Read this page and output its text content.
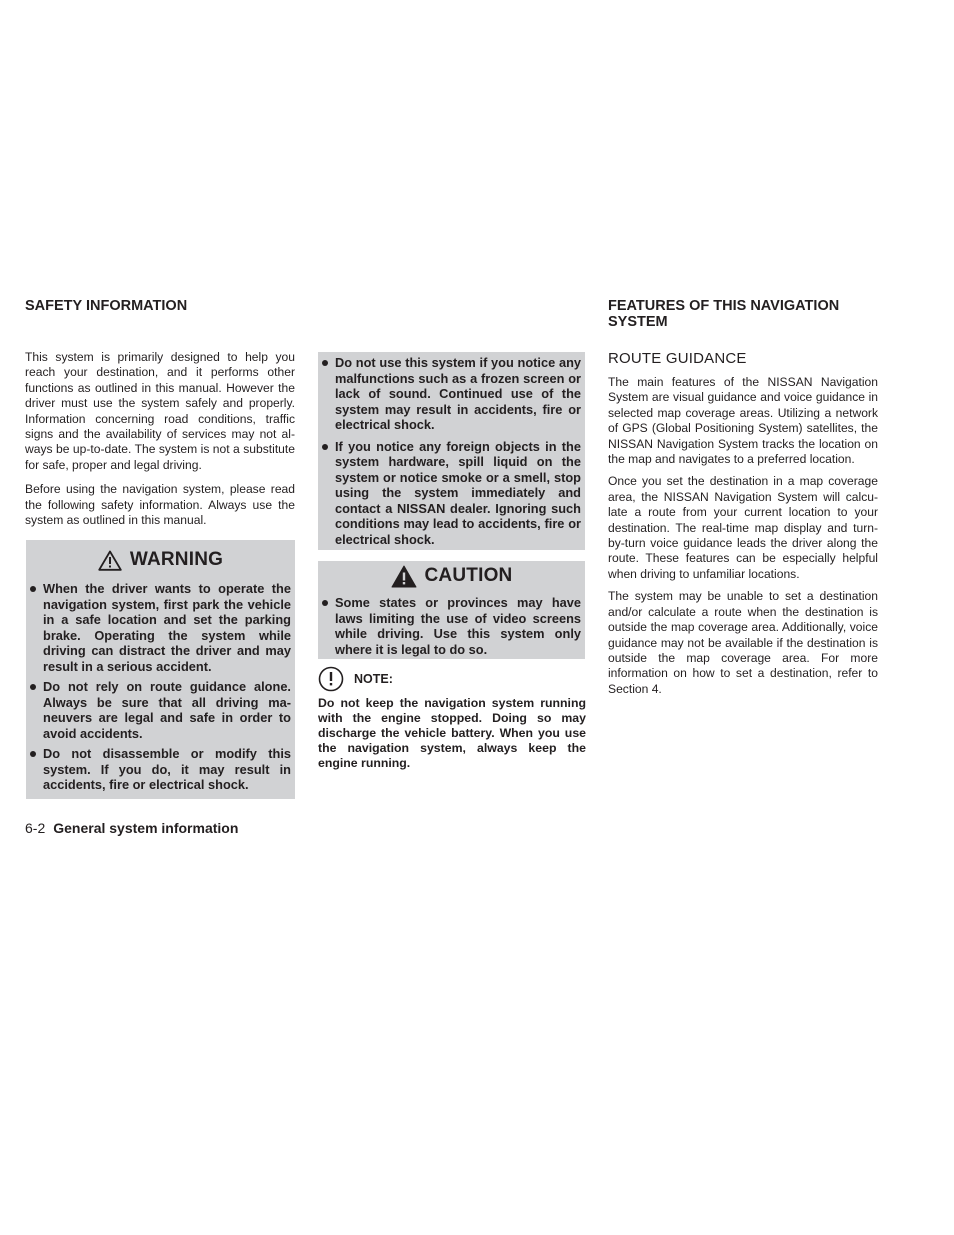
SAFETY INFORMATION

This system is primarily designed to help you reach your destination, and it performs other functions as outlined in this manual. However the driver must use the system safely and properly. Information concerning road conditions, traffic signs and the availability of services may not always be up-to-date. The system is not a substitute for safe, proper and legal driving.

Before using the navigation system, please read the following safety information. Always use the system as outlined in this manual.

WARNING
When the driver wants to operate the navigation system, first park the vehicle in a safe location and set the parking brake. Operating the system while driving can distract the driver and may result in a serious accident.
Do not rely on route guidance alone. Always be sure that all driving maneuvers are legal and safe in order to avoid accidents.
Do not disassemble or modify this system. If you do, it may result in accidents, fire or electrical shock.
Do not use this system if you notice any malfunctions such as a frozen screen or lack of sound. Continued use of the system may result in accidents, fire or electrical shock.
If you notice any foreign objects in the system hardware, spill liquid on the system or notice smoke or a smell, stop using the system immediately and contact a NISSAN dealer. Ignoring such conditions may lead to accidents, fire or electrical shock.
CAUTION
Some states or provinces may have laws limiting the use of video screens while driving. Use this system only where it is legal to do so.
NOTE:

Do not keep the navigation system running with the engine stopped. Doing so may discharge the vehicle battery. When you use the navigation system, always keep the engine running.

FEATURES OF THIS NAVIGATION SYSTEM
ROUTE GUIDANCE

The main features of the NISSAN Navigation System are visual guidance and voice guidance in selected map coverage areas. Utilizing a network of GPS (Global Positioning System) satellites, the NISSAN Navigation System tracks the location on the map and navigates to a preferred location.

Once you set the destination in a map coverage area, the NISSAN Navigation System will calculate a route from your current location to your destination. The real-time map display and turn-by-turn voice guidance leads the driver along the route. These features can be especially helpful when driving to unfamiliar locations.

The system may be unable to set a destination and/or calculate a route when the destination is outside the map coverage area. Additionally, voice guidance may not be available if the destination is outside the map coverage area. For more information on how to set a destination, refer to Section 4.

6-2 General system information
